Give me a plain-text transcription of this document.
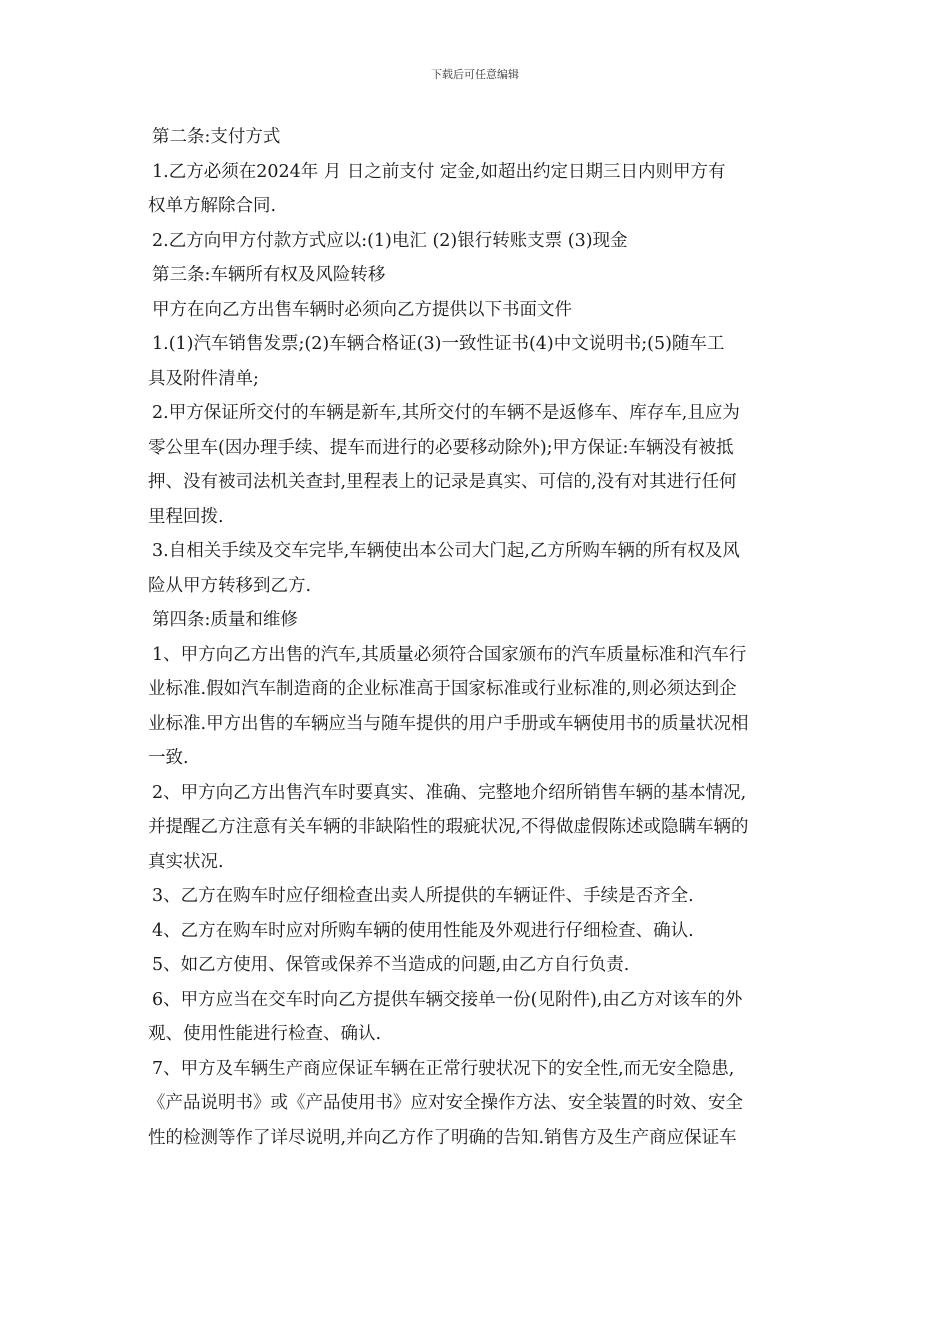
下载后可任意编辑
第二条:支付方式
1.乙方必须在2024年 月 日之前支付 定金,如超出约定日期三日内则甲方有
权单方解除合同.
2.乙方向甲方付款方式应以:(1)电汇 (2)银行转账支票 (3)现金
第三条:车辆所有权及风险转移
甲方在向乙方出售车辆时必须向乙方提供以下书面文件
1.(1)汽车销售发票;(2)车辆合格证(3)一致性证书(4)中文说明书;(5)随车工
具及附件清单;
2.甲方保证所交付的车辆是新车,其所交付的车辆不是返修车、库存车,且应为
零公里车(因办理手续、提车而进行的必要移动除外);甲方保证:车辆没有被抵
押、没有被司法机关查封,里程表上的记录是真实、可信的,没有对其进行任何
里程回拨.
3.自相关手续及交车完毕,车辆使出本公司大门起,乙方所购车辆的所有权及风
险从甲方转移到乙方.
第四条:质量和维修
1、甲方向乙方出售的汽车,其质量必须符合国家颁布的汽车质量标准和汽车行
业标准.假如汽车制造商的企业标准高于国家标准或行业标准的,则必须达到企
业标准.甲方出售的车辆应当与随车提供的用户手册或车辆使用书的质量状况相
一致.
2、甲方向乙方出售汽车时要真实、准确、完整地介绍所销售车辆的基本情况,
并提醒乙方注意有关车辆的非缺陷性的瑕疵状况,不得做虚假陈述或隐瞒车辆的
真实状况.
3、乙方在购车时应仔细检查出卖人所提供的车辆证件、手续是否齐全.
4、乙方在购车时应对所购车辆的使用性能及外观进行仔细检查、确认.
5、如乙方使用、保管或保养不当造成的问题,由乙方自行负责.
6、甲方应当在交车时向乙方提供车辆交接单一份(见附件),由乙方对该车的外
观、使用性能进行检查、确认.
7、甲方及车辆生产商应保证车辆在正常行驶状况下的安全性,而无安全隐患,
《产品说明书》或《产品使用书》应对安全操作方法、安全装置的时效、安全
性的检测等作了详尽说明,并向乙方作了明确的告知.销售方及生产商应保证车
